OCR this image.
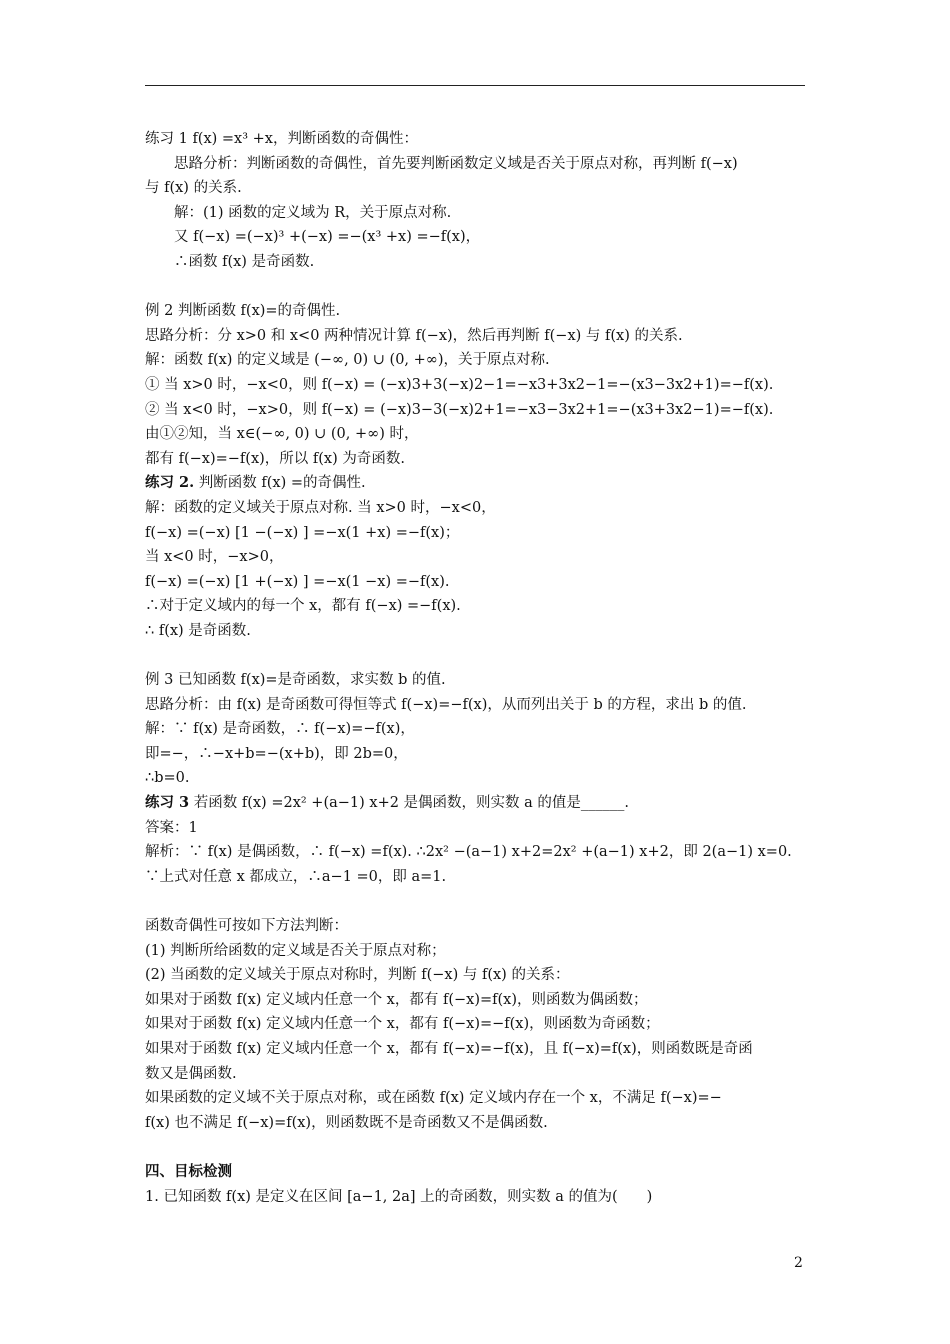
练习 1 f(x) =x³ +x，判断函数的奇偶性：
思路分析：判断函数的奇偶性，首先要判断函数定义域是否关于原点对称，再判断 f(−x)
与 f(x) 的关系.
解：(1) 函数的定义域为 R，关于原点对称.
又 f(−x) =(−x)³ +(−x) =−(x³ +x) =−f(x)，
∴函数 f(x) 是奇函数.
例 2 判断函数 f(x)=的奇偶性.
思路分析：分 x>0 和 x<0 两种情况计算 f(−x)，然后再判断 f(−x) 与 f(x) 的关系.
解：函数 f(x) 的定义域是 (−∞, 0) ∪ (0, +∞)，关于原点对称.
① 当 x>0 时，−x<0，则 f(−x) = (−x)3+3(−x)2−1=−x3+3x2−1=−(x3−3x2+1)=−f(x).
② 当 x<0 时，−x>0，则 f(−x) = (−x)3−3(−x)2+1=−x3−3x2+1=−(x3+3x2−1)=−f(x).
由①②知，当 x∈(−∞, 0) ∪ (0, +∞) 时，
都有 f(−x)=−f(x)，所以 f(x) 为奇函数.
练习 2. 判断函数 f(x) =的奇偶性.
解：函数的定义域关于原点对称. 当 x>0 时，−x<0，
f(−x) =(−x) [1 −(−x) ] =−x(1 +x) =−f(x)；
当 x<0 时，−x>0，
f(−x) =(−x) [1 +(−x) ] =−x(1 −x) =−f(x).
∴对于定义域内的每一个 x，都有 f(−x) =−f(x).
∴ f(x) 是奇函数.
例 3 已知函数 f(x)=是奇函数，求实数 b 的值.
思路分析：由 f(x) 是奇函数可得恒等式 f(−x)=−f(x)，从而列出关于 b 的方程，求出 b 的值.
解：∵ f(x) 是奇函数，∴ f(−x)=−f(x)，
即=−，∴−x+b=−(x+b)，即 2b=0，
∴b=0.
练习 3 若函数 f(x) =2x² +(a−1) x+2 是偶函数，则实数 a 的值是______.
答案：1
解析：∵ f(x) 是偶函数，∴ f(−x) =f(x). ∴2x² −(a−1) x+2=2x² +(a−1) x+2，即 2(a−1) x=0.
∵上式对任意 x 都成立，∴a−1 =0，即 a=1.
函数奇偶性可按如下方法判断：
(1) 判断所给函数的定义域是否关于原点对称；
(2) 当函数的定义域关于原点对称时，判断 f(−x) 与 f(x) 的关系：
如果对于函数 f(x) 定义域内任意一个 x，都有 f(−x)=f(x)，则函数为偶函数；
如果对于函数 f(x) 定义域内任意一个 x，都有 f(−x)=−f(x)，则函数为奇函数；
如果对于函数 f(x) 定义域内任意一个 x，都有 f(−x)=−f(x)，且 f(−x)=f(x)，则函数既是奇函
数又是偶函数.
如果函数的定义域不关于原点对称，或在函数 f(x) 定义域内存在一个 x，不满足 f(−x)=−
f(x) 也不满足 f(−x)=f(x)，则函数既不是奇函数又不是偶函数.
四、目标检测
1. 已知函数 f(x) 是定义在区间 [a−1, 2a] 上的奇函数，则实数 a 的值为(　　)
2
